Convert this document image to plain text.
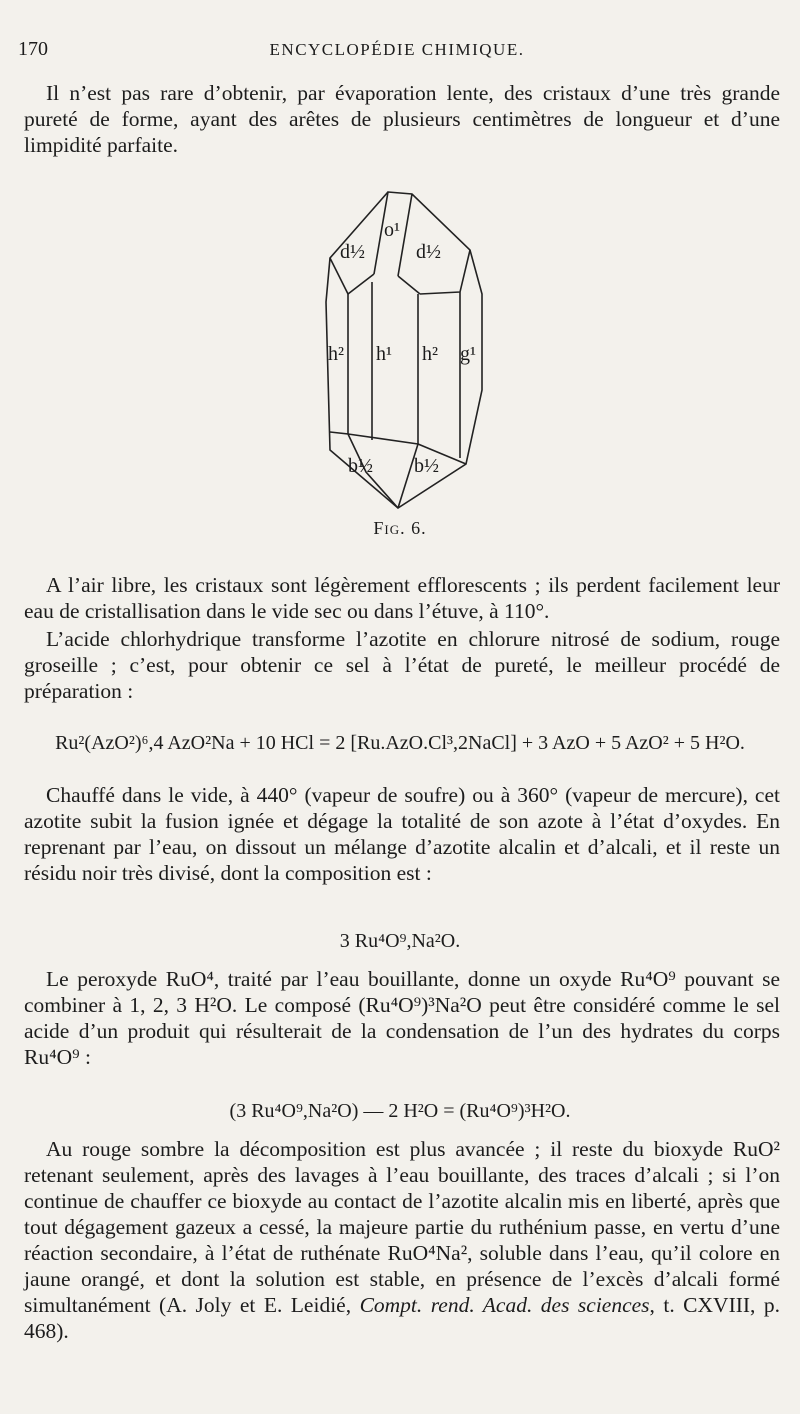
170	ENCYCLOPÉDIE CHIMIQUE.

Il n’est pas rare d’obtenir, par évaporation lente, des cristaux d’une très grande pureté de forme, ayant des arêtes de plusieurs centimètres de longueur et d’une limpidité parfaite.

o¹
d½	d½
h² h¹ h² g¹
b½ b½
Fig. 6.

A l’air libre, les cristaux sont légèrement efflorescents ; ils perdent facilement leur eau de cristallisation dans le vide sec ou dans l’étuve, à 110°.

L’acide chlorhydrique transforme l’azotite en chlorure nitrosé de sodium, rouge groseille ; c’est, pour obtenir ce sel à l’état de pureté, le meilleur procédé de préparation :

Ru²(AzO²)⁶,4 AzO²Na + 10 HCl = 2 [Ru.AzO.Cl³,2NaCl] + 3 AzO + 5 AzO² + 5 H²O.

Chauffé dans le vide, à 440° (vapeur de soufre) ou à 360° (vapeur de mercure), cet azotite subit la fusion ignée et dégage la totalité de son azote à l’état d’oxydes. En reprenant par l’eau, on dissout un mélange d’azotite alcalin et d’alcali, et il reste un résidu noir très divisé, dont la composition est :

3 Ru⁴O⁹,Na²O.

Le peroxyde RuO⁴, traité par l’eau bouillante, donne un oxyde Ru⁴O⁹ pouvant se combiner à 1, 2, 3 H²O. Le composé (Ru⁴O⁹)³Na²O peut être considéré comme le sel acide d’un produit qui résulterait de la condensation de l’un des hydrates du corps Ru⁴O⁹ :

(3 Ru⁴O⁹,Na²O) — 2 H²O = (Ru⁴O⁹)³H²O.

Au rouge sombre la décomposition est plus avancée ; il reste du bioxyde RuO² retenant seulement, après des lavages à l’eau bouillante, des traces d’alcali ; si l’on continue de chauffer ce bioxyde au contact de l’azotite alcalin mis en liberté, après que tout dégagement gazeux a cessé, la majeure partie du ruthénium passe, en vertu d’une réaction secondaire, à l’état de ruthénate RuO⁴Na², soluble dans l’eau, qu’il colore en jaune orangé, et dont la solution est stable, en présence de l’excès d’alcali formé simultanément (A. Joly et E. Leidié, Compt. rend. Acad. des sciences, t. CXVIII, p. 468).
